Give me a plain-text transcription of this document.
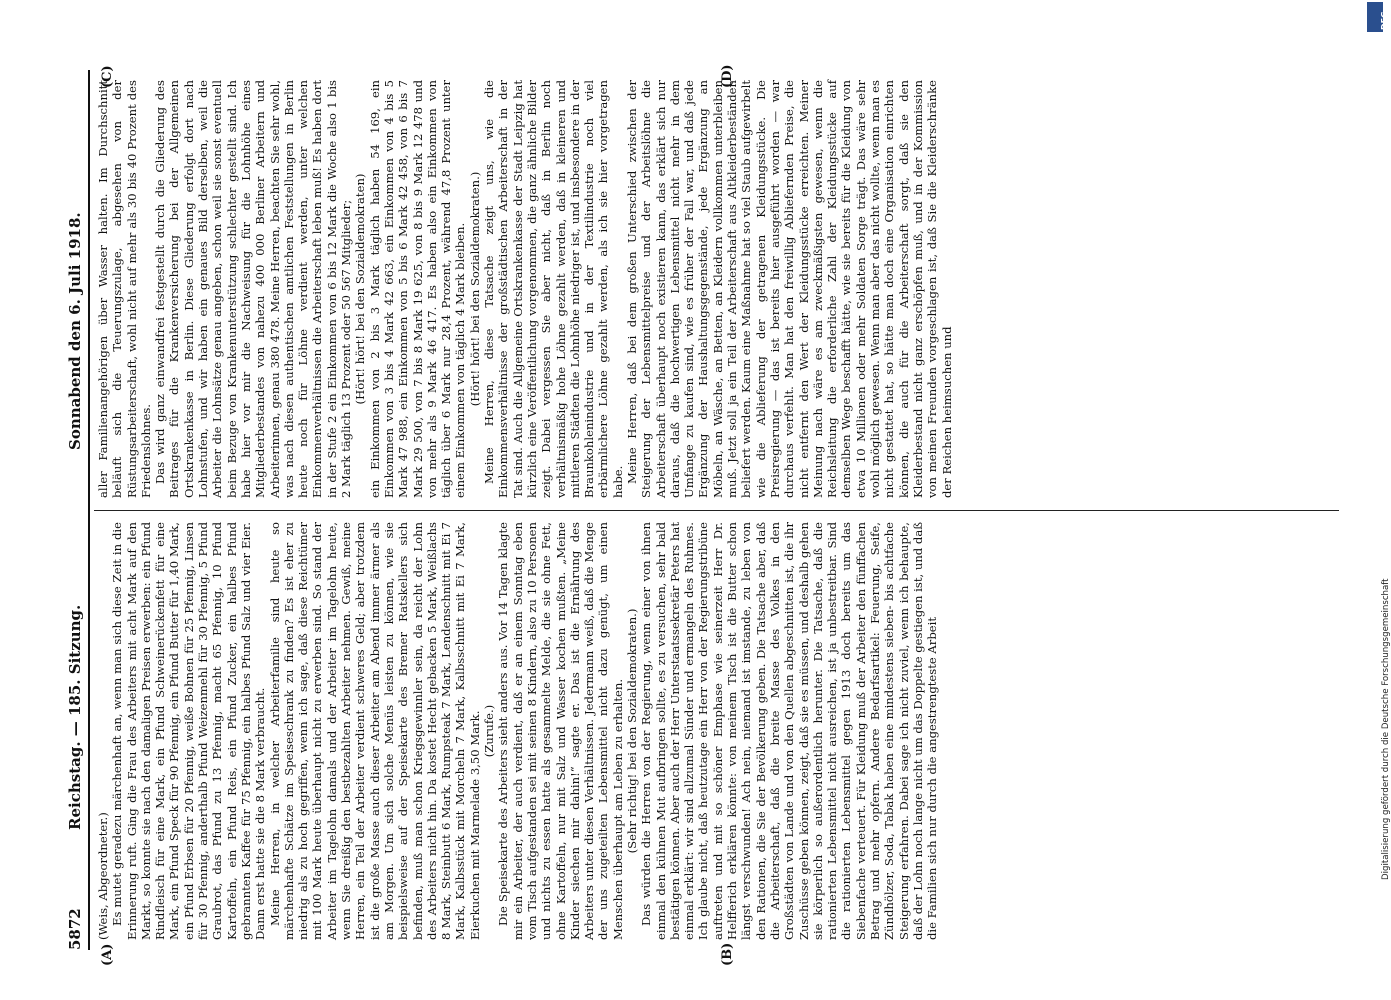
5872
Reichstag. — 185. Sitzung.
Sonnabend den 6. Juli 1918.
(A)	(B)
(C)	(D)

(Weis, Abgeordneter.) Es mutet geradezu märchenhaft an, wenn man sich diese Zeit in die Erinnerung ruft. Ging die Frau des Arbeiters mit acht Mark auf den Markt, so konnte sie nach den damaligen Preisen erwerben: ein Pfund Rindfleisch für eine Mark, ein Pfund Schweinerückenfett für eine Mark, ein Pfund Speck für 90 Pfennig, ein Pfund Butter für 1,40 Mark, ein Pfund Erbsen für 20 Pfennig, weiße Bohnen für 25 Pfennig, Linsen für 30 Pfennig, anderthalb Pfund Weizenmehl für 30 Pfennig, 5 Pfund Graubrot, das Pfund zu 13 Pfennig, macht 65 Pfennig, 10 Pfund Kartoffeln, ein Pfund Reis, ein Pfund Zucker, ein halbes Pfund gebrannten Kaffee für 75 Pfennig, ein halbes Pfund Salz und vier Eier. Dann erst hatte sie die 8 Mark verbraucht. Meine Herren, in welcher Arbeiterfamilie sind heute so märchenhafte Schätze im Speiseschrank zu finden? Es ist eher zu niedrig als zu hoch gegriffen, wenn ich sage, daß diese Reichtümer mit 100 Mark heute überhaupt nicht zu erwerben sind. So stand der Arbeiter im Tagelohn damals und der Arbeiter im Tagelohn heute, wenn Sie dreißig den bestbezahlten Arbeiter nehmen. Gewiß, meine Herren, ein Teil der Arbeiter verdient schweres Geld; aber trotzdem ist die große Masse auch dieser Arbeiter am Abend immer ärmer als am Morgen. Um sich solche Menüs leisten zu können, wie sie beispielsweise auf der Speisekarte des Bremer Ratskellers sich befinden, muß man schon Kriegsgewinnler sein, da reicht der Lohn des Arbeiters nicht hin. Da kostet Hecht gebacken 5 Mark, Weißlachs 8 Mark, Steinbutt 6 Mark, Rumpsteak 7 Mark, Lendenschnitt mit Ei 7 Mark, Kalbsstück mit Morcheln 7 Mark, Kalbsschnitt mit Ei 7 Mark, Eierkuchen mit Marmelade 3,50 Mark. (Zurufe.) Die Speisekarte des Arbeiters sieht anders aus. Vor 14 Tagen klagte mir ein Arbeiter, der auch verdient, daß er an einem Sonntag eben vom Tisch aufgestanden sei mit seinen 8 Kindern, also zu 10 Personen und nichts zu essen hatte als gesammelte Melde, die sie ohne Fett, ohne Kartoffeln, nur mit Salz und Wasser kochen mußten. „Meine Kinder siechen mir dahin!“ sagte er. Das ist die Ernährung des Arbeiters unter diesen Verhältnissen. Jedermann weiß, daß die Menge der uns zugeteilten Lebensmittel nicht dazu genügt, um einen Menschen überhaupt am Leben zu erhalten. (Sehr richtig! bei den Sozialdemokraten.) Das würden die Herren von der Regierung, wenn einer von ihnen einmal den kühnen Mut aufbringen sollte, es zu versuchen, sehr bald bestätigen können. Aber auch der Herr Unterstaatssekretär Peters hat einmal erklärt: wir sind allzumal Sünder und ermangeln des Ruhmes. Ich glaube nicht, daß heutzutage ein Herr von der Regierungstribüne auftreten und mit so schöner Emphase wie seinerzeit Herr Dr. Helfferich erklären könnte: von meinem Tisch ist die Butter schon längst verschwunden! Ach nein, niemand ist imstande, zu leben von den Rationen, die Sie der Bevölkerung geben. Die Tatsache aber, daß die Arbeiterschaft, daß die breite Masse des Volkes in den Großstädten von Lande und von den Quellen abgeschnitten ist, die ihr Zuschüsse geben können, zeigt, daß sie es müssen, und deshalb gehen sie körperlich so außerordentlich herunter. Die Tatsache, daß die rationierten Lebensmittel nicht ausreichen, ist ja unbestreitbar. Sind die rationierten Lebensmittel gegen 1913 doch bereits um das Siebenfache verteuert. Für Kleidung muß der Arbeiter den fünffachen Betrag und mehr opfern. Andere Bedarfsartikel: Feuerung, Seife, Zündhölzer, Soda, Tabak haben eine mindestens sieben- bis achtfache Steigerung erfahren. Dabei sage ich nicht zuviel, wenn ich behaupte, daß der Lohn noch lange nicht um das Doppelte gestiegen ist, und daß die Familien sich nur durch die angestrengteste Arbeit

aller Familienangehörigen über Wasser halten. Im Durchschnitt beläuft sich die Teuerungszulage, abgesehen von der Rüstungsarbeiterschaft, wohl nicht auf mehr als 30 bis 40 Prozent des Friedenslohnes. Das wird ganz einwandfrei festgestellt durch die Gliederung des Beitrages für die Krankenversicherung bei der Allgemeinen Ortskrankenkasse in Berlin. Diese Gliederung erfolgt dort nach Lohnstufen, und wir haben ein genaues Bild derselben, weil die Arbeiter die Lohnsätze genau angeben, schon weil sie sonst eventuell beim Bezuge von Krankenunterstützung schlechter gestellt sind. Ich habe hier vor mir die Nachweisung für die Lohnhöhe eines Mitgliederbestandes von nahezu 400 000 Berliner Arbeitern und Arbeiterinnen, genau 380 478. Meine Herren, beachten Sie sehr wohl, was nach diesen authentischen amtlichen Feststellungen in Berlin heute noch für Löhne verdient werden, unter welchen Einkommenverhältnissen die Arbeiterschaft leben muß! Es haben dort in der Stufe 2 ein Einkommen von 6 bis 12 Mark die Woche also 1 bis 2 Mark täglich 13 Prozent oder 50 567 Mitglieder; (Hört! hört! bei den Sozialdemokraten) ein Einkommen von 2 bis 3 Mark täglich haben 54 169, ein Einkommen von 3 bis 4 Mark 42 663, ein Einkommen von 4 bis 5 Mark 47 988, ein Einkommen von 5 bis 6 Mark 42 458, von 6 bis 7 Mark 29 500, von 7 bis 8 Mark 19 625, von 8 bis 9 Mark 12 478 und von mehr als 9 Mark 46 417. Es haben also ein Einkommen von täglich über 6 Mark nur 28,4 Prozent, während 47,8 Prozent unter einem Einkommen von täglich 4 Mark bleiben. (Hört! hört! bei den Sozialdemokraten.) Meine Herren, diese Tatsache zeigt uns, wie die Einkommensverhältnisse der großstädtischen Arbeiterschaft in der Tat sind. Auch die Allgemeine Ortskrankenkasse der Stadt Leipzig hat kürzlich eine Veröffentlichung vorgenommen, die ganz ähnliche Bilder zeigt. Dabei vergessen Sie aber nicht, daß in Berlin noch verhältnismäßig hohe Löhne gezahlt werden, daß in kleineren und mittleren Städten die Lohnhöhe niedriger ist, und insbesondere in der Braunkohlenindustrie und in der Textilindustrie noch viel erbärmlichere Löhne gezahlt werden, als ich sie hier vorgetragen habe. Meine Herren, daß bei dem großen Unterschied zwischen der Steigerung der Lebensmittelpreise und der Arbeitslöhne die Arbeiterschaft überhaupt noch existieren kann, das erklärt sich nur daraus, daß die hochwertigen Lebensmittel nicht mehr in dem Umfange zu kaufen sind, wie es früher der Fall war, und daß jede Ergänzung der Haushaltungsgegenstände, jede Ergänzung an Möbeln, an Wäsche, an Betten, an Kleidern vollkommen unterbleiben muß. Jetzt soll ja ein Teil der Arbeiterschaft aus Altkleiderbeständen beliefert werden. Kaum eine Maßnahme hat so viel Staub aufgewirbelt wie die Ablieferung der getragenen Kleidungsstücke. Die Preisregierung — das ist bereits hier ausgeführt worden — war durchaus verfehlt. Man hat den freiwillig Abliefernden Preise, die nicht entfernt den Wert der Kleidungsstücke erreichten. Meiner Meinung nach wäre es am zweckmäßigsten gewesen, wenn die Reichsleitung die erforderliche Zahl der Kleidungsstücke auf demselben Wege beschafft hätte, wie sie bereits für die Kleidung von etwa 10 Millionen oder mehr Soldaten Sorge trägt. Das wäre sehr wohl möglich gewesen. Wenn man aber das nicht wollte, wenn man es nicht gestattet hat, so hätte man doch eine Organisation einrichten können, die auch für die Arbeiterschaft sorgt, daß sie den Kleiderbestand nicht ganz erschöpfen muß, und in der Kommission von meinen Freunden vorgeschlagen ist, daß Sie die Kleiderschränke der Reichen heimsuchen und

DFG
Digitalisierung gefördert durch die Deutsche Forschungsgemeinschaft
